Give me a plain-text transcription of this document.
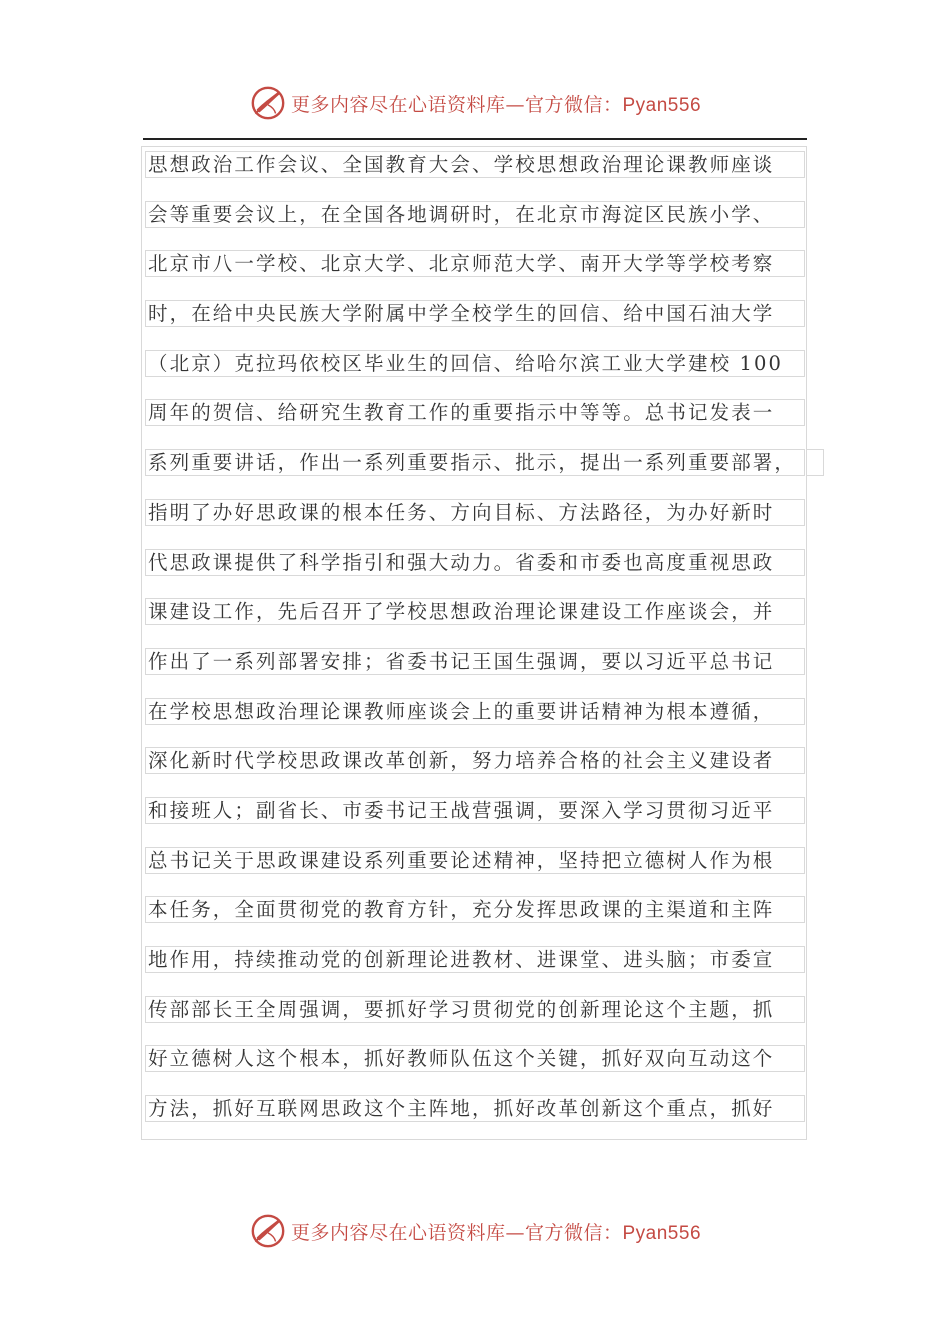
更多内容尽在心语资料库—官方微信：Pyan556
思想政治工作会议、全国教育大会、学校思想政治理论课教师座谈
会等重要会议上，在全国各地调研时，在北京市海淀区民族小学、
北京市八一学校、北京大学、北京师范大学、南开大学等学校考察
时，在给中央民族大学附属中学全校学生的回信、给中国石油大学
（北京）克拉玛依校区毕业生的回信、给哈尔滨工业大学建校 100
周年的贺信、给研究生教育工作的重要指示中等等。总书记发表一
系列重要讲话，作出一系列重要指示、批示，提出一系列重要部署，
指明了办好思政课的根本任务、方向目标、方法路径，为办好新时
代思政课提供了科学指引和强大动力。省委和市委也高度重视思政
课建设工作，先后召开了学校思想政治理论课建设工作座谈会，并
作出了一系列部署安排；省委书记王国生强调，要以习近平总书记
在学校思想政治理论课教师座谈会上的重要讲话精神为根本遵循，
深化新时代学校思政课改革创新，努力培养合格的社会主义建设者
和接班人；副省长、市委书记王战营强调，要深入学习贯彻习近平
总书记关于思政课建设系列重要论述精神，坚持把立德树人作为根
本任务，全面贯彻党的教育方针，充分发挥思政课的主渠道和主阵
地作用，持续推动党的创新理论进教材、进课堂、进头脑；市委宣
传部部长王全周强调，要抓好学习贯彻党的创新理论这个主题，抓
好立德树人这个根本，抓好教师队伍这个关键，抓好双向互动这个
方法，抓好互联网思政这个主阵地，抓好改革创新这个重点，抓好
更多内容尽在心语资料库—官方微信：Pyan556
